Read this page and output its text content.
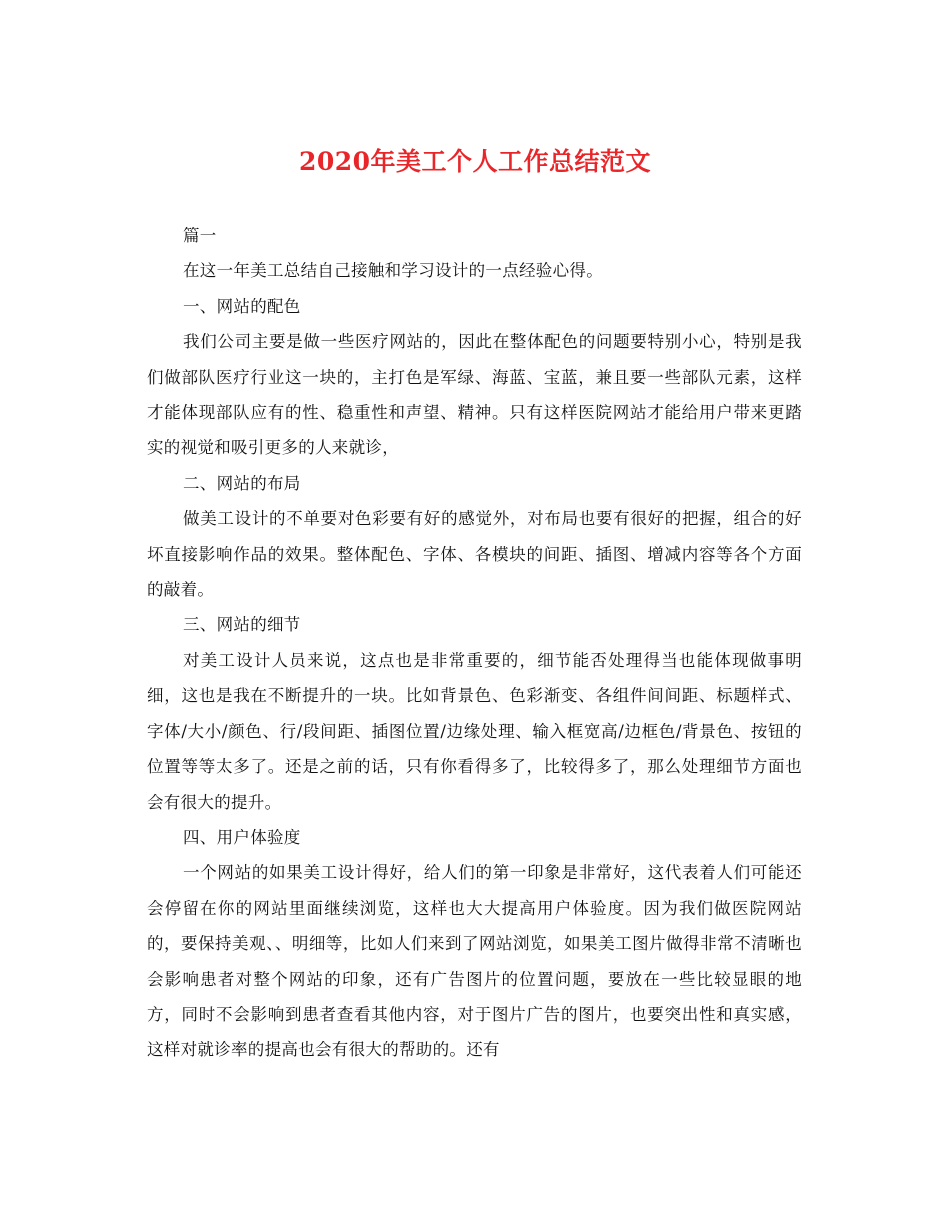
2020年美工个人工作总结范文

篇一

在这一年美工总结自己接触和学习设计的一点经验心得。

一、网站的配色

我们公司主要是做一些医疗网站的，因此在整体配色的问题要特别小心，特别是我们做部队医疗行业这一块的，主打色是军绿、海蓝、宝蓝，兼且要一些部队元素，这样才能体现部队应有的性、稳重性和声望、精神。只有这样医院网站才能给用户带来更踏实的视觉和吸引更多的人来就诊，

二、网站的布局

做美工设计的不单要对色彩要有好的感觉外，对布局也要有很好的把握，组合的好坏直接影响作品的效果。整体配色、字体、各模块的间距、插图、增减内容等各个方面的敲着。

三、网站的细节

对美工设计人员来说，这点也是非常重要的，细节能否处理得当也能体现做事明细，这也是我在不断提升的一块。比如背景色、色彩渐变、各组件间间距、标题样式、字体/大小/颜色、行/段间距、插图位置/边缘处理、输入框宽高/边框色/背景色、按钮的位置等等太多了。还是之前的话，只有你看得多了，比较得多了，那么处理细节方面也会有很大的提升。

四、用户体验度

一个网站的如果美工设计得好，给人们的第一印象是非常好，这代表着人们可能还会停留在你的网站里面继续浏览，这样也大大提高用户体验度。因为我们做医院网站的，要保持美观、、明细等，比如人们来到了网站浏览，如果美工图片做得非常不清晰也会影响患者对整个网站的印象，还有广告图片的位置问题，要放在一些比较显眼的地方，同时不会影响到患者查看其他内容，对于图片广告的图片，也要突出性和真实感，这样对就诊率的提高也会有很大的帮助的。还有
